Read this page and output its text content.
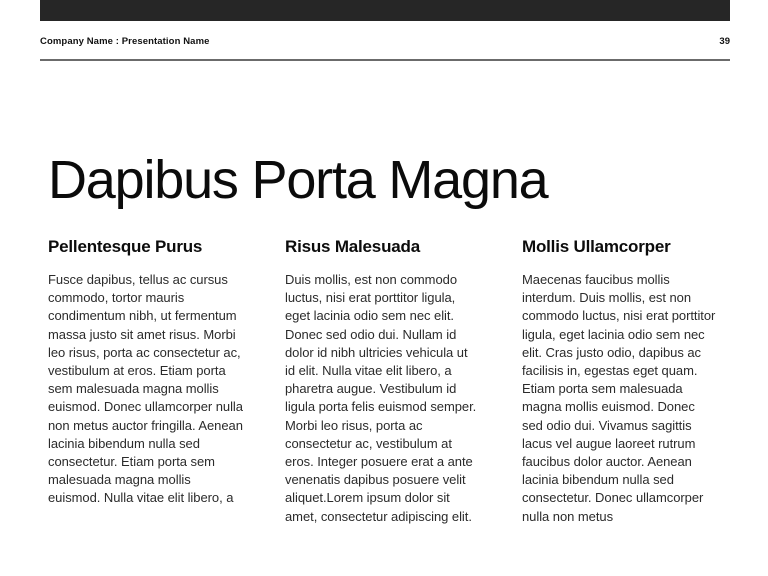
Company Name : Presentation Name	39
Dapibus Porta Magna
Pellentesque Purus

Fusce dapibus, tellus ac cursus commodo, tortor mauris condimentum nibh, ut fermentum massa justo sit amet risus. Morbi leo risus, porta ac consectetur ac, vestibulum at eros. Etiam porta sem malesuada magna mollis euismod. Donec ullamcorper nulla non metus auctor fringilla. Aenean lacinia bibendum nulla sed consectetur. Etiam porta sem malesuada magna mollis euismod. Nulla vitae elit libero, a

Risus Malesuada

Duis mollis, est non commodo luctus, nisi erat porttitor ligula, eget lacinia odio sem nec elit. Donec sed odio dui. Nullam id dolor id nibh ultricies vehicula ut id elit. Nulla vitae elit libero, a pharetra augue. Vestibulum id ligula porta felis euismod semper. Morbi leo risus, porta ac consectetur ac, vestibulum at eros. Integer posuere erat a ante venenatis dapibus posuere velit aliquet.Lorem ipsum dolor sit amet, consectetur adipiscing elit.

Mollis Ullamcorper

Maecenas faucibus mollis interdum. Duis mollis, est non commodo luctus, nisi erat porttitor ligula, eget lacinia odio sem nec elit. Cras justo odio, dapibus ac facilisis in, egestas eget quam. Etiam porta sem malesuada magna mollis euismod. Donec sed odio dui. Vivamus sagittis lacus vel augue laoreet rutrum faucibus dolor auctor. Aenean lacinia bibendum nulla sed consectetur. Donec ullamcorper nulla non metus
